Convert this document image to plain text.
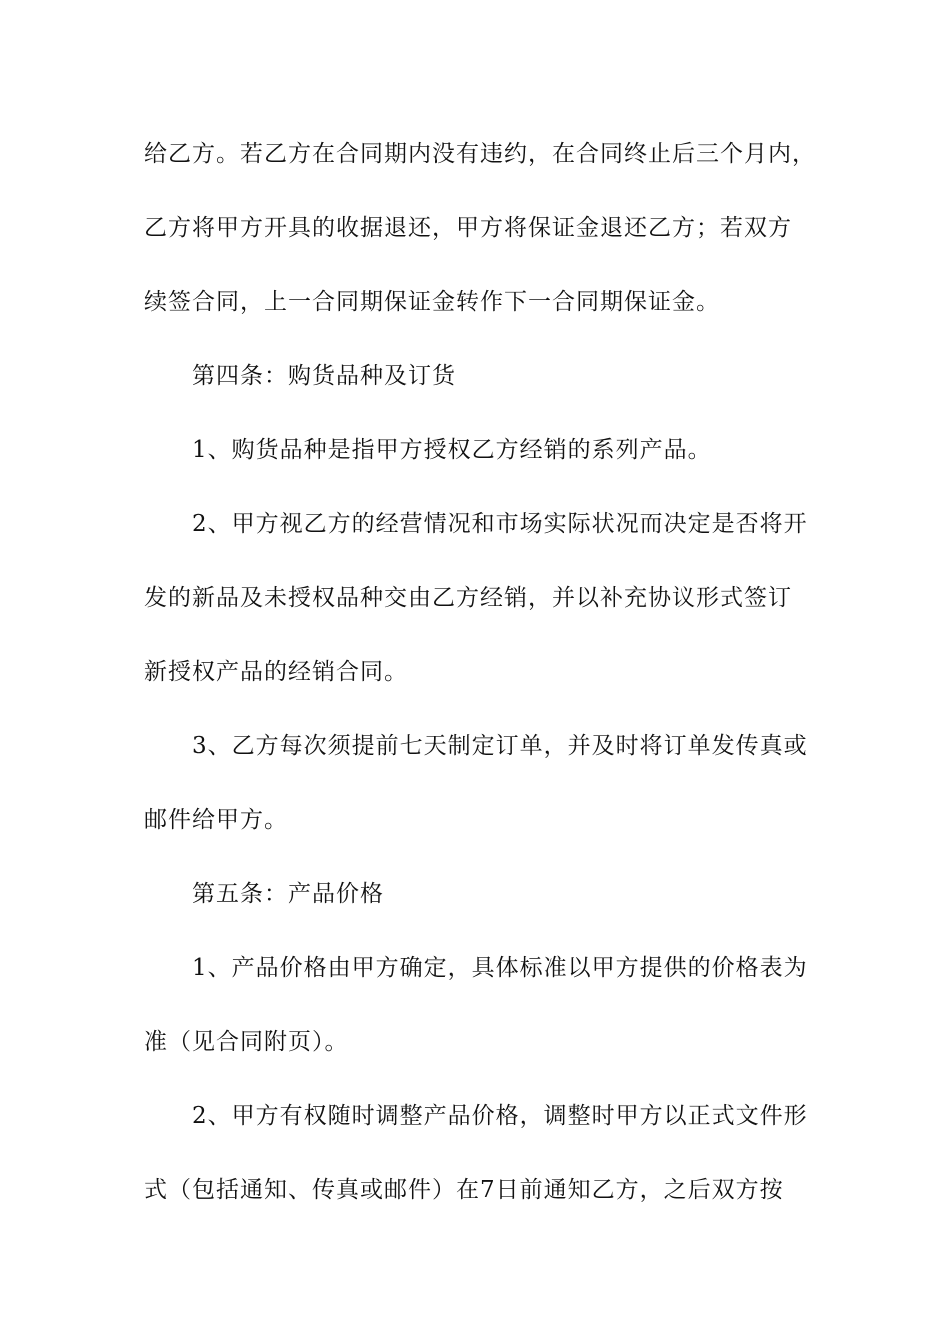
给乙方。若乙方在合同期内没有违约，在合同终止后三个月内，
乙方将甲方开具的收据退还，甲方将保证金退还乙方；若双方
续签合同，上一合同期保证金转作下一合同期保证金。
第四条：购货品种及订货
1、购货品种是指甲方授权乙方经销的系列产品。
2、甲方视乙方的经营情况和市场实际状况而决定是否将开
发的新品及未授权品种交由乙方经销，并以补充协议形式签订
新授权产品的经销合同。
3、乙方每次须提前七天制定订单，并及时将订单发传真或
邮件给甲方。
第五条：产品价格
1、产品价格由甲方确定，具体标准以甲方提供的价格表为
准（见合同附页）。
2、甲方有权随时调整产品价格，调整时甲方以正式文件形
式（包括通知、传真或邮件）在7日前通知乙方，之后双方按
